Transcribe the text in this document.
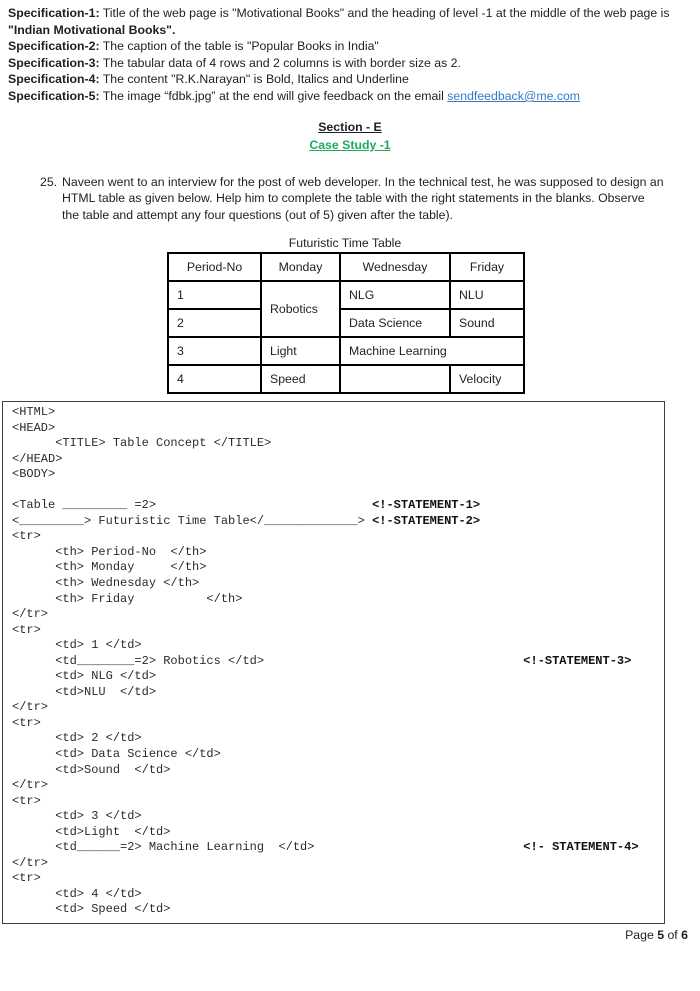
Specification-1: Title of the web page is "Motivational Books" and the heading of level -1 at the middle of the web page is "Indian Motivational Books".

Specification-2: The caption of the table is "Popular Books in India"

Specification-3: The tabular data of 4 rows and 2 columns is with border size as 2.

Specification-4: The content "R.K.Narayan" is Bold, Italics and Underline

Specification-5: The image “fdbk.jpg” at the end will give feedback on the email sendfeedback@me.com

Section - E
Case Study -1
25. Naveen went to an interview for the post of web developer. In the technical test, he was supposed to design an HTML table as given below. Help him to complete the table with the right statements in the blanks. Observe the table and attempt any four questions (out of 5) given after the table).
Futuristic Time Table
Period-No	Monday	Wednesday	Friday
1	Robotics	NLG	NLU
2		Data Science	Sound
3	Light	Machine Learning	
4	Speed		Velocity
<HTML>
<HEAD>
<TITLE> Table Concept </TITLE>
</HEAD>
<BODY>
<Table _________ =2>                              <!-STATEMENT-1>
<_________> Futuristic Time Table</_____________> <!-STATEMENT-2>
<tr>
<th> Period-No  </th>
<th> Monday     </th>
<th> Wednesday </th>
<th> Friday          </th>
</tr>
<tr>
<td> 1 </td>
<td________=2> Robotics </td>                                    <!-STATEMENT-3>
<td> NLG </td>
<td>NLU  </td>
</tr>
<tr>
<td> 2 </td>
<td> Data Science </td>
<td>Sound  </td>
</tr>
<tr>
<td> 3 </td>
<td>Light  </td>
<td______=2> Machine Learning  </td>                             <!- STATEMENT-4>
</tr>
<tr>
<td> 4 </td>
<td> Speed </td>
Page 5 of 6
